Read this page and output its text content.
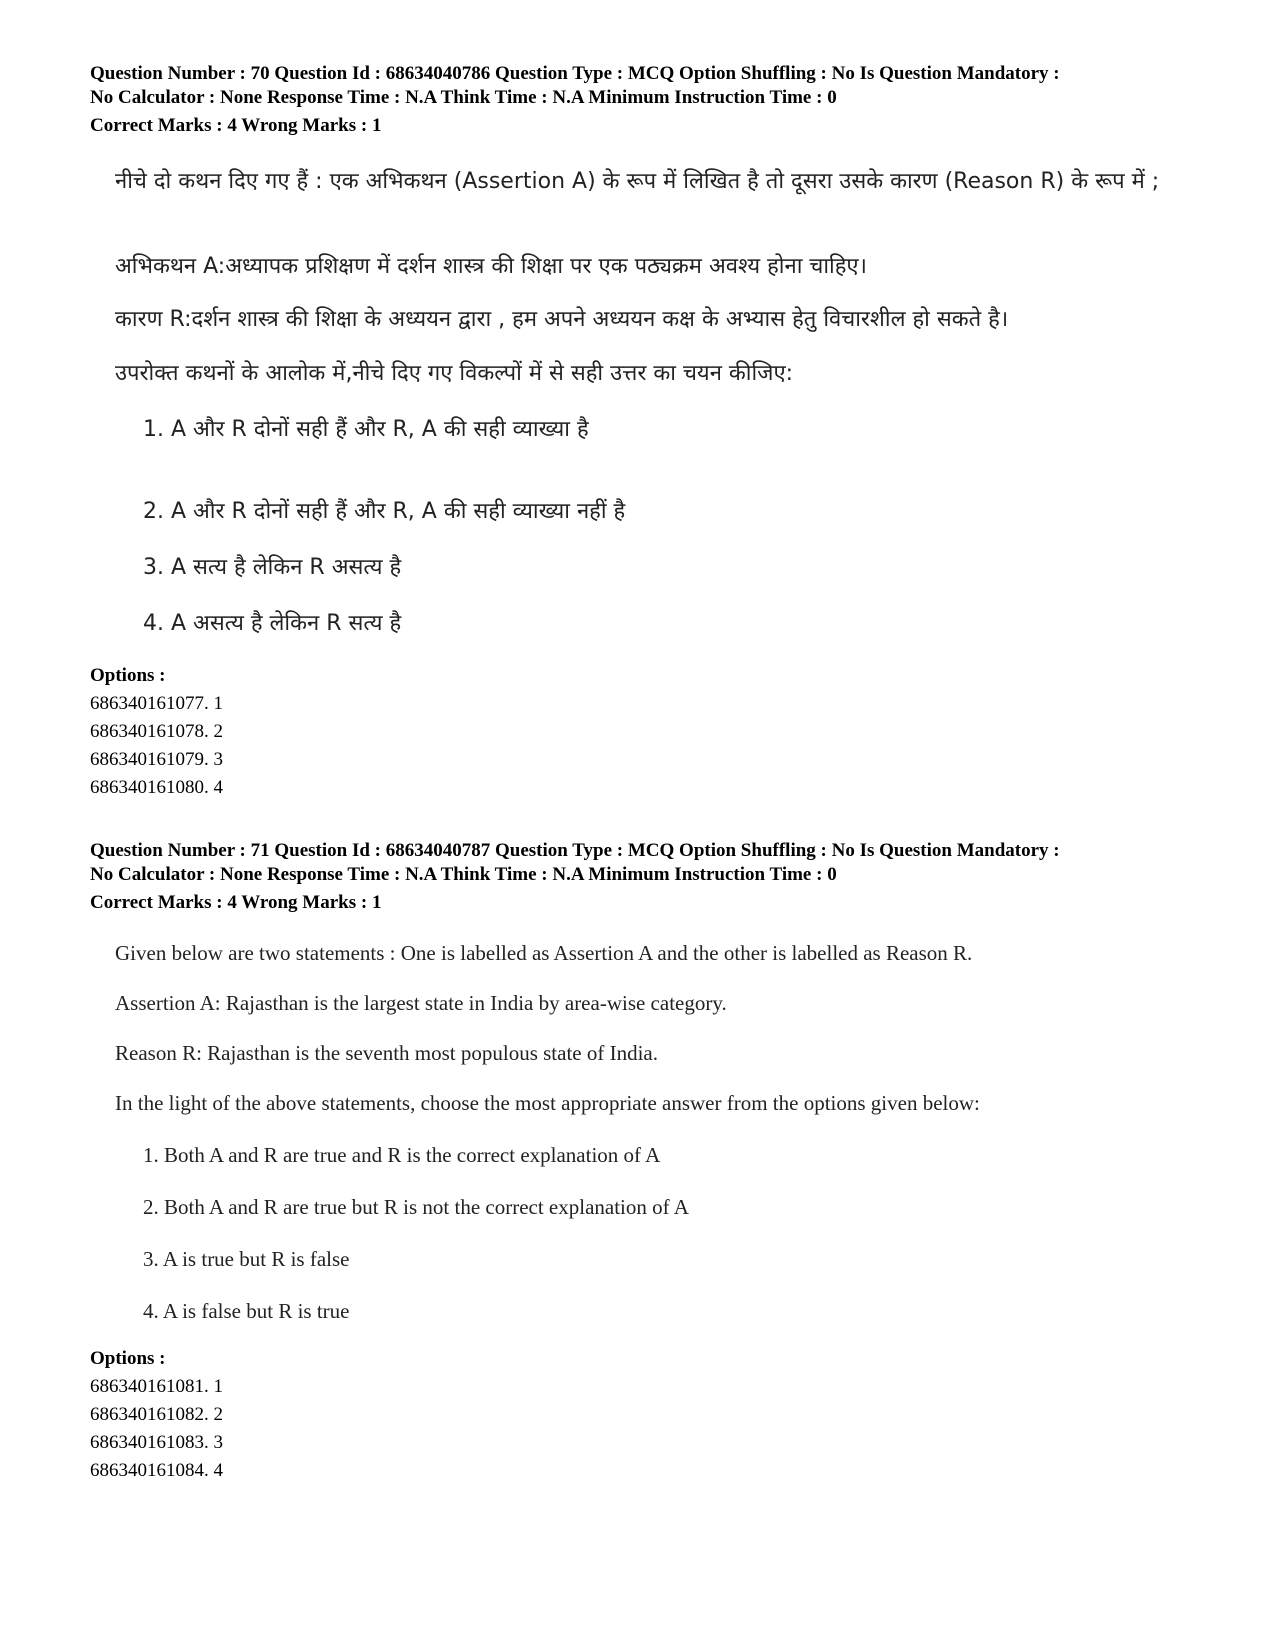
Question Number : 70 Question Id : 68634040786 Question Type : MCQ Option Shuffling : No Is Question Mandatory :
No Calculator : None Response Time : N.A Think Time : N.A Minimum Instruction Time : 0
Correct Marks : 4 Wrong Marks : 1

नीचे दो कथन दिए गए हैं : एक अभिकथन (Assertion A) के रूप में लिखित है तो दूसरा उसके कारण (Reason R) के रूप में ;

अभिकथन A:अध्यापक प्रशिक्षण में दर्शन शास्त्र की शिक्षा पर एक पठ्यक्रम अवश्य होना चाहिए।

कारण R:दर्शन शास्त्र की शिक्षा के अध्ययन द्वारा , हम अपने अध्ययन कक्ष के अभ्यास हेतु विचारशील हो सकते है।

उपरोक्त कथनों के आलोक में,नीचे दिए गए विकल्पों में से सही उत्तर का चयन कीजिए:

1. A और R दोनों सही हैं और R, A की सही व्याख्या है

2. A और R दोनों सही हैं और R, A की सही व्याख्या नहीं है

3. A सत्य है लेकिन R असत्य है

4. A असत्य है लेकिन R सत्य है

Options :
686340161077. 1
686340161078. 2
686340161079. 3
686340161080. 4
Question Number : 71 Question Id : 68634040787 Question Type : MCQ Option Shuffling : No Is Question Mandatory :
No Calculator : None Response Time : N.A Think Time : N.A Minimum Instruction Time : 0
Correct Marks : 4 Wrong Marks : 1

Given below are two statements : One is labelled as Assertion A and the other is labelled as Reason R.

Assertion A: Rajasthan is the largest state in India by area-wise category.

Reason R: Rajasthan is the seventh most populous state of India.

In the light of the above statements, choose the most appropriate answer from the options given below:

1. Both A and R are true and R is the correct explanation of A

2. Both A and R are true but R is not the correct explanation of A

3. A is true but R is false

4. A is false but R is true

Options :
686340161081. 1
686340161082. 2
686340161083. 3
686340161084. 4
